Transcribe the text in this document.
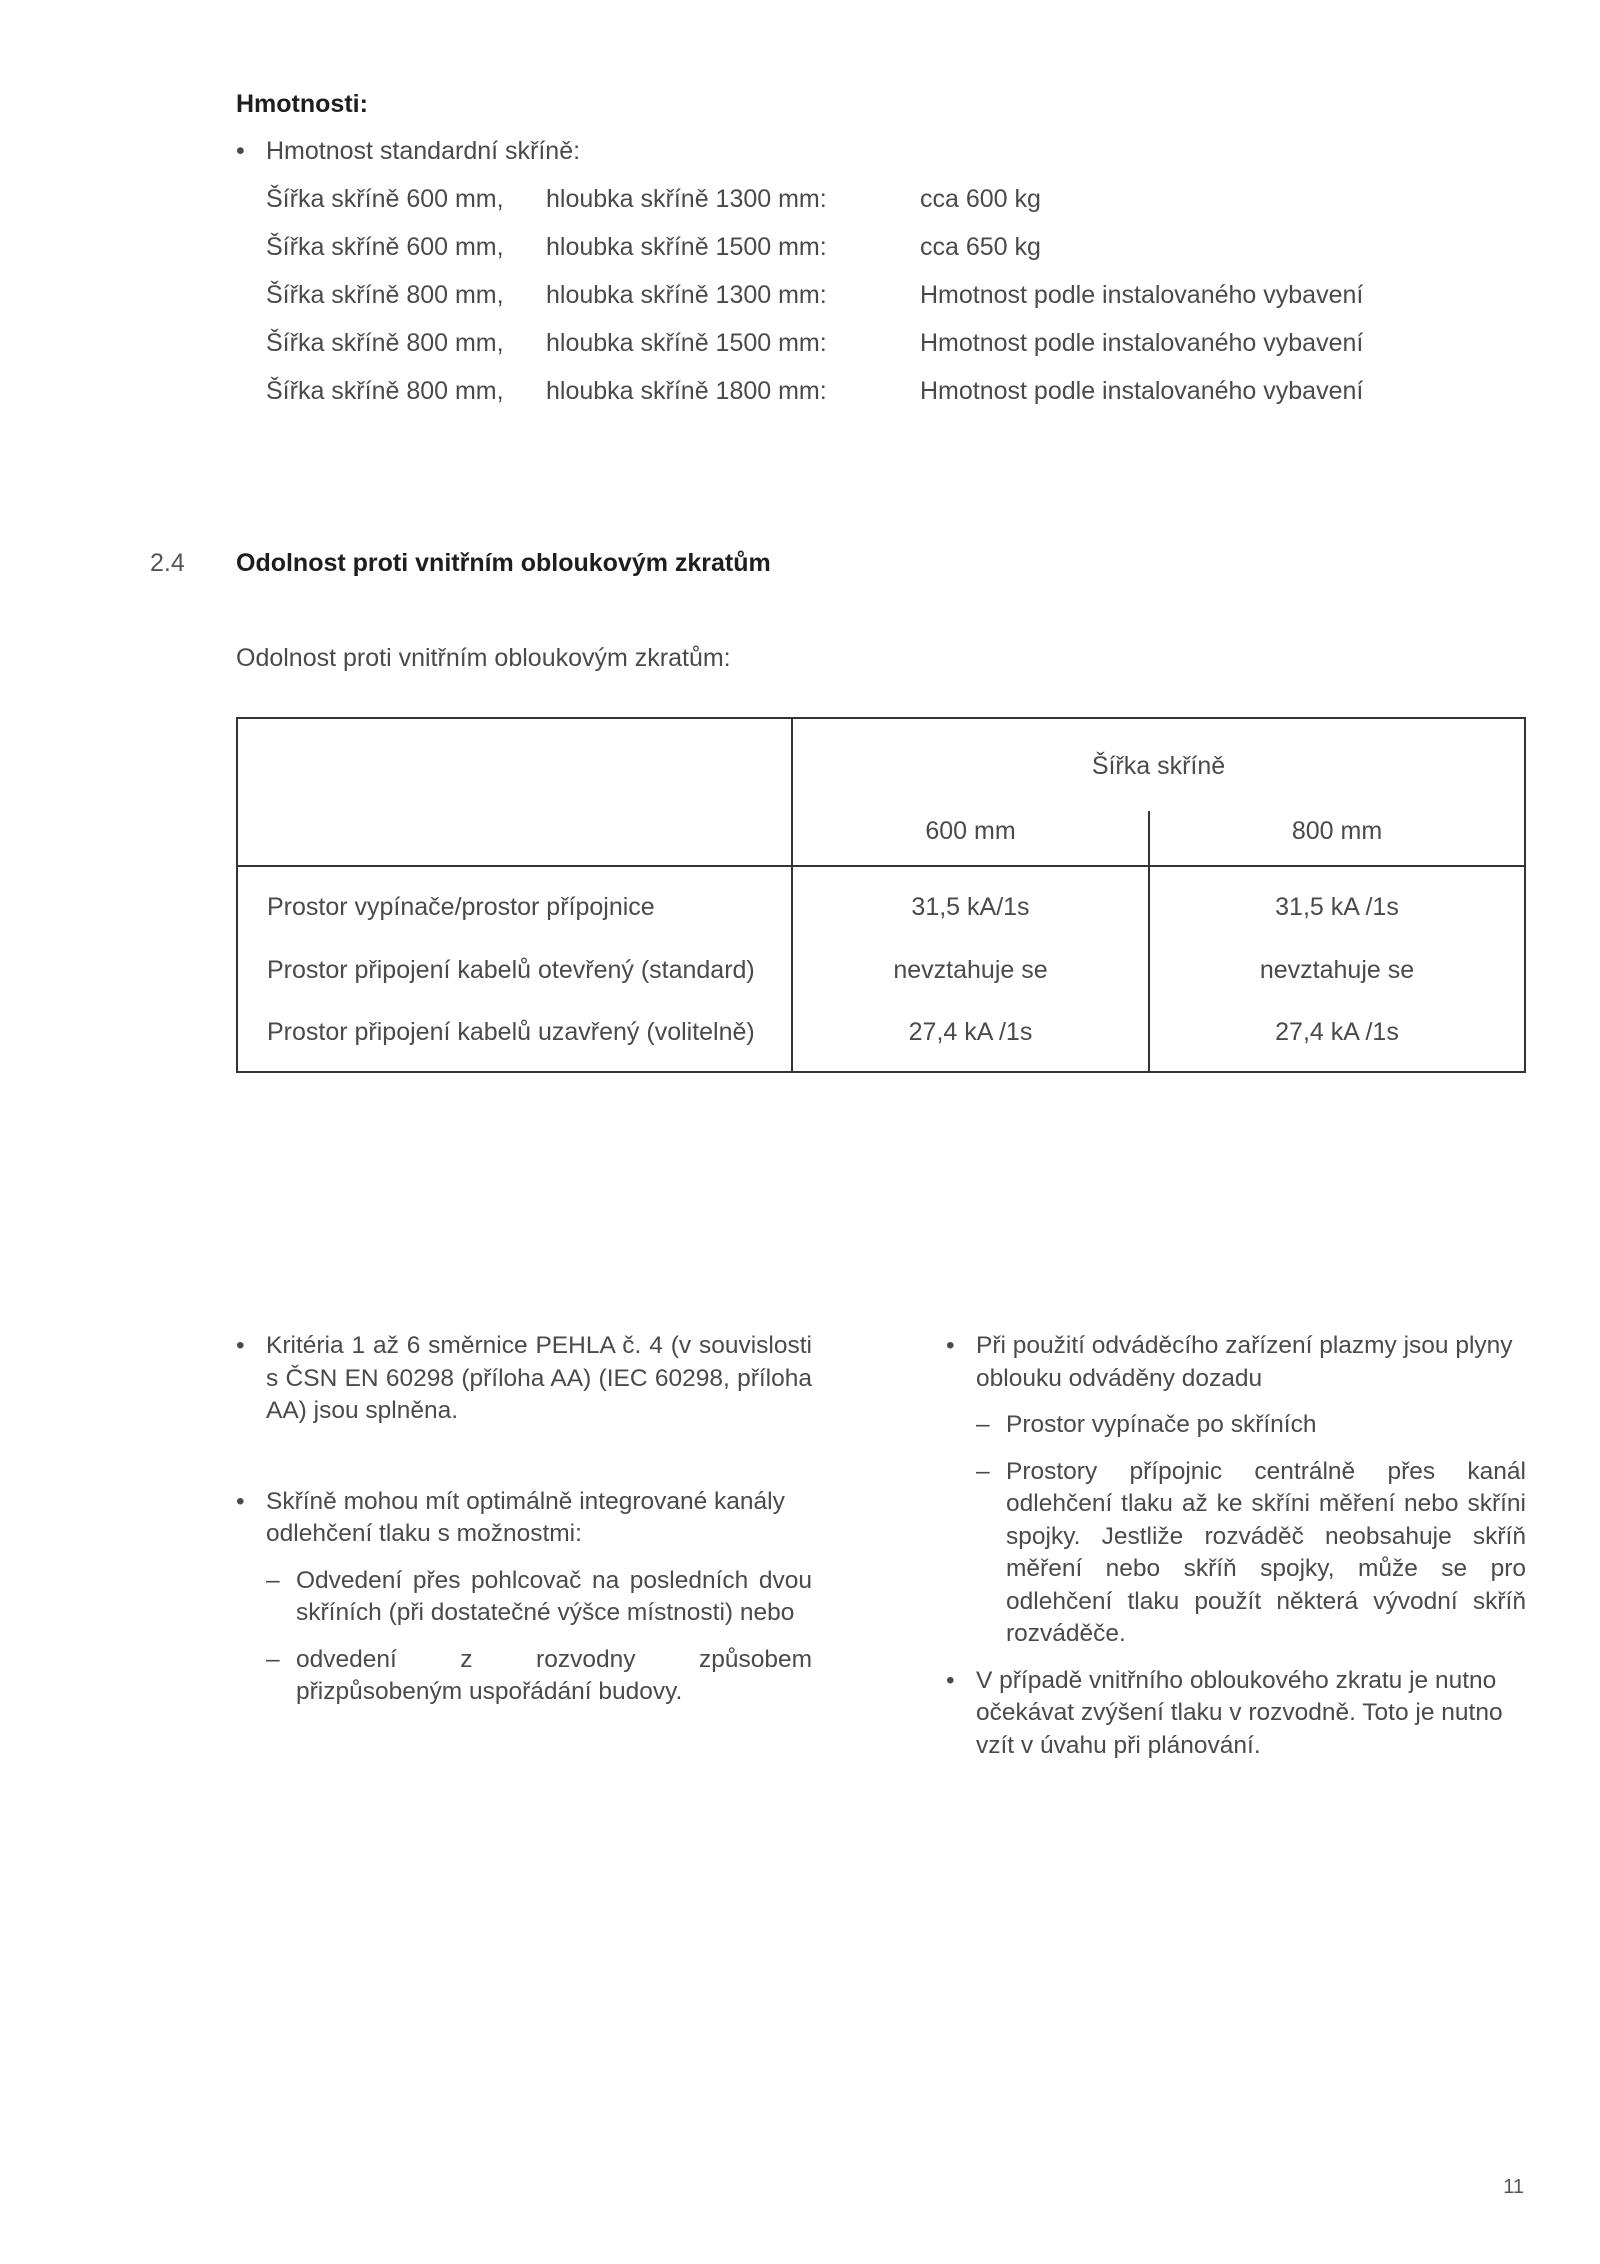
Hmotnosti:
• Hmotnost standardní skříně:
Šířka skříně 600 mm, hloubka skříně 1300 mm:	cca 600 kg
Šířka skříně 600 mm, hloubka skříně 1500 mm:	cca 650 kg
Šířka skříně 800 mm, hloubka skříně 1300 mm:	Hmotnost podle instalovaného vybavení
Šířka skříně 800 mm, hloubka skříně 1500 mm:	Hmotnost podle instalovaného vybavení
Šířka skříně 800 mm, hloubka skříně 1800 mm:	Hmotnost podle instalovaného vybavení
2.4 Odolnost proti vnitřním obloukovým zkratům
Odolnost proti vnitřním obloukovým zkratům:
Šířka skříně
600 mm	800 mm
Prostor vypínače/prostor přípojnice	31,5 kA/1s	31,5 kA /1s
Prostor připojení kabelů otevřený (standard)	nevztahuje se	nevztahuje se
Prostor připojení kabelů uzavřený (volitelně)	27,4 kA /1s	27,4 kA /1s
• Kritéria 1 až 6 směrnice PEHLA č. 4 (v souvislosti s ČSN EN 60298 (příloha AA) (IEC 60298, příloha AA) jsou splněna.
• Skříně mohou mít optimálně integrované kanály odlehčení tlaku s možnostmi:
– Odvedení přes pohlcovač na posledních dvou skříních (při dostatečné výšce místnosti) nebo
– odvedení z rozvodny způsobem přizpůsobeným uspořádání budovy.
• Při použití odváděcího zařízení plazmy jsou plyny oblouku odváděny dozadu
– Prostor vypínače po skříních
– Prostory přípojnic centrálně přes kanál odlehčení tlaku až ke skříni měření nebo skříni spojky. Jestliže rozváděč neobsahuje skříň měření nebo skříň spojky, může se pro odlehčení tlaku použít některá vývodní skříň rozváděče.
• V případě vnitřního obloukového zkratu je nutno očekávat zvýšení tlaku v rozvodně. Toto je nutno vzít v úvahu při plánování.
11
